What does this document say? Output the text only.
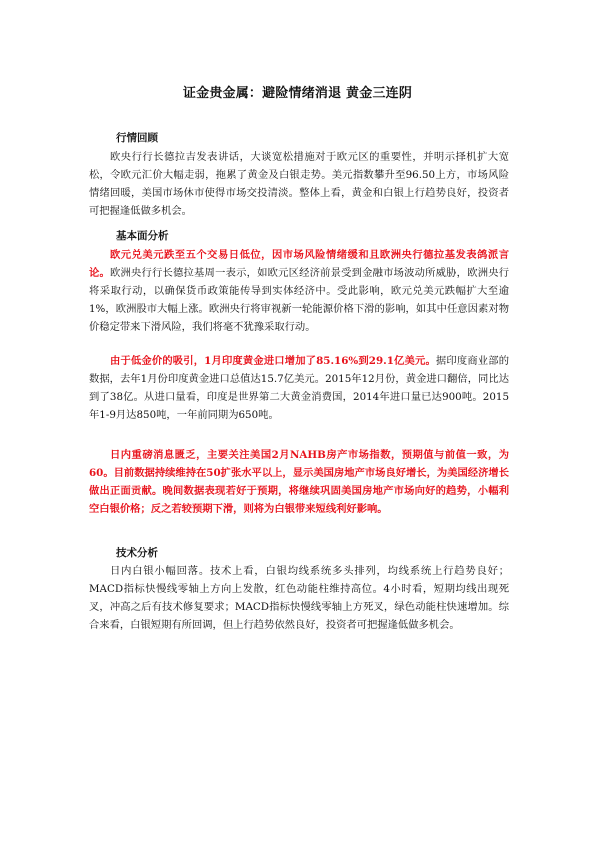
证金贵金属：避险情绪消退 黄金三连阴
行情回顾

欧央行行长德拉吉发表讲话，大谈宽松措施对于欧元区的重要性，并明示择机扩大宽松，令欧元汇价大幅走弱，拖累了黄金及白银走势。美元指数攀升至96.50上方，市场风险情绪回暖，美国市场休市使得市场交投清淡。整体上看，黄金和白银上行趋势良好，投资者可把握逢低做多机会。

基本面分析

欧元兑美元跌至五个交易日低位，因市场风险情绪缓和且欧洲央行德拉基发表鸽派言论。欧洲央行行长德拉基周一表示，如欧元区经济前景受到金融市场波动所威胁，欧洲央行将采取行动，以确保货币政策能传导到实体经济中。受此影响，欧元兑美元跌幅扩大至逾1%，欧洲股市大幅上涨。欧洲央行将审视新一轮能源价格下滑的影响，如其中任意因素对物价稳定带来下滑风险，我们将毫不犹豫采取行动。

由于低金价的吸引，1月印度黄金进口增加了85.16%到29.1亿美元。据印度商业部的数据，去年1月份印度黄金进口总值达15.7亿美元。2015年12月份，黄金进口翻倍，同比达到了38亿。从进口量看，印度是世界第二大黄金消费国，2014年进口量已达900吨。2015年1-9月达850吨，一年前同期为650吨。

日内重磅消息匮乏，主要关注美国2月NAHB房产市场指数，预期值与前值一致，为60。目前数据持续维持在50扩张水平以上，显示美国房地产市场良好增长，为美国经济增长做出正面贡献。晚间数据表现若好于预期，将继续巩固美国房地产市场向好的趋势，小幅利空白银价格；反之若较预期下滑，则将为白银带来短线利好影响。

技术分析

日内白银小幅回落。技术上看，白银均线系统多头排列，均线系统上行趋势良好；MACD指标快慢线零轴上方向上发散，红色动能柱维持高位。4小时看，短期均线出现死叉，冲高之后有技术修复要求；MACD指标快慢线零轴上方死叉，绿色动能柱快速增加。综合来看，白银短期有所回调，但上行趋势依然良好，投资者可把握逢低做多机会。
